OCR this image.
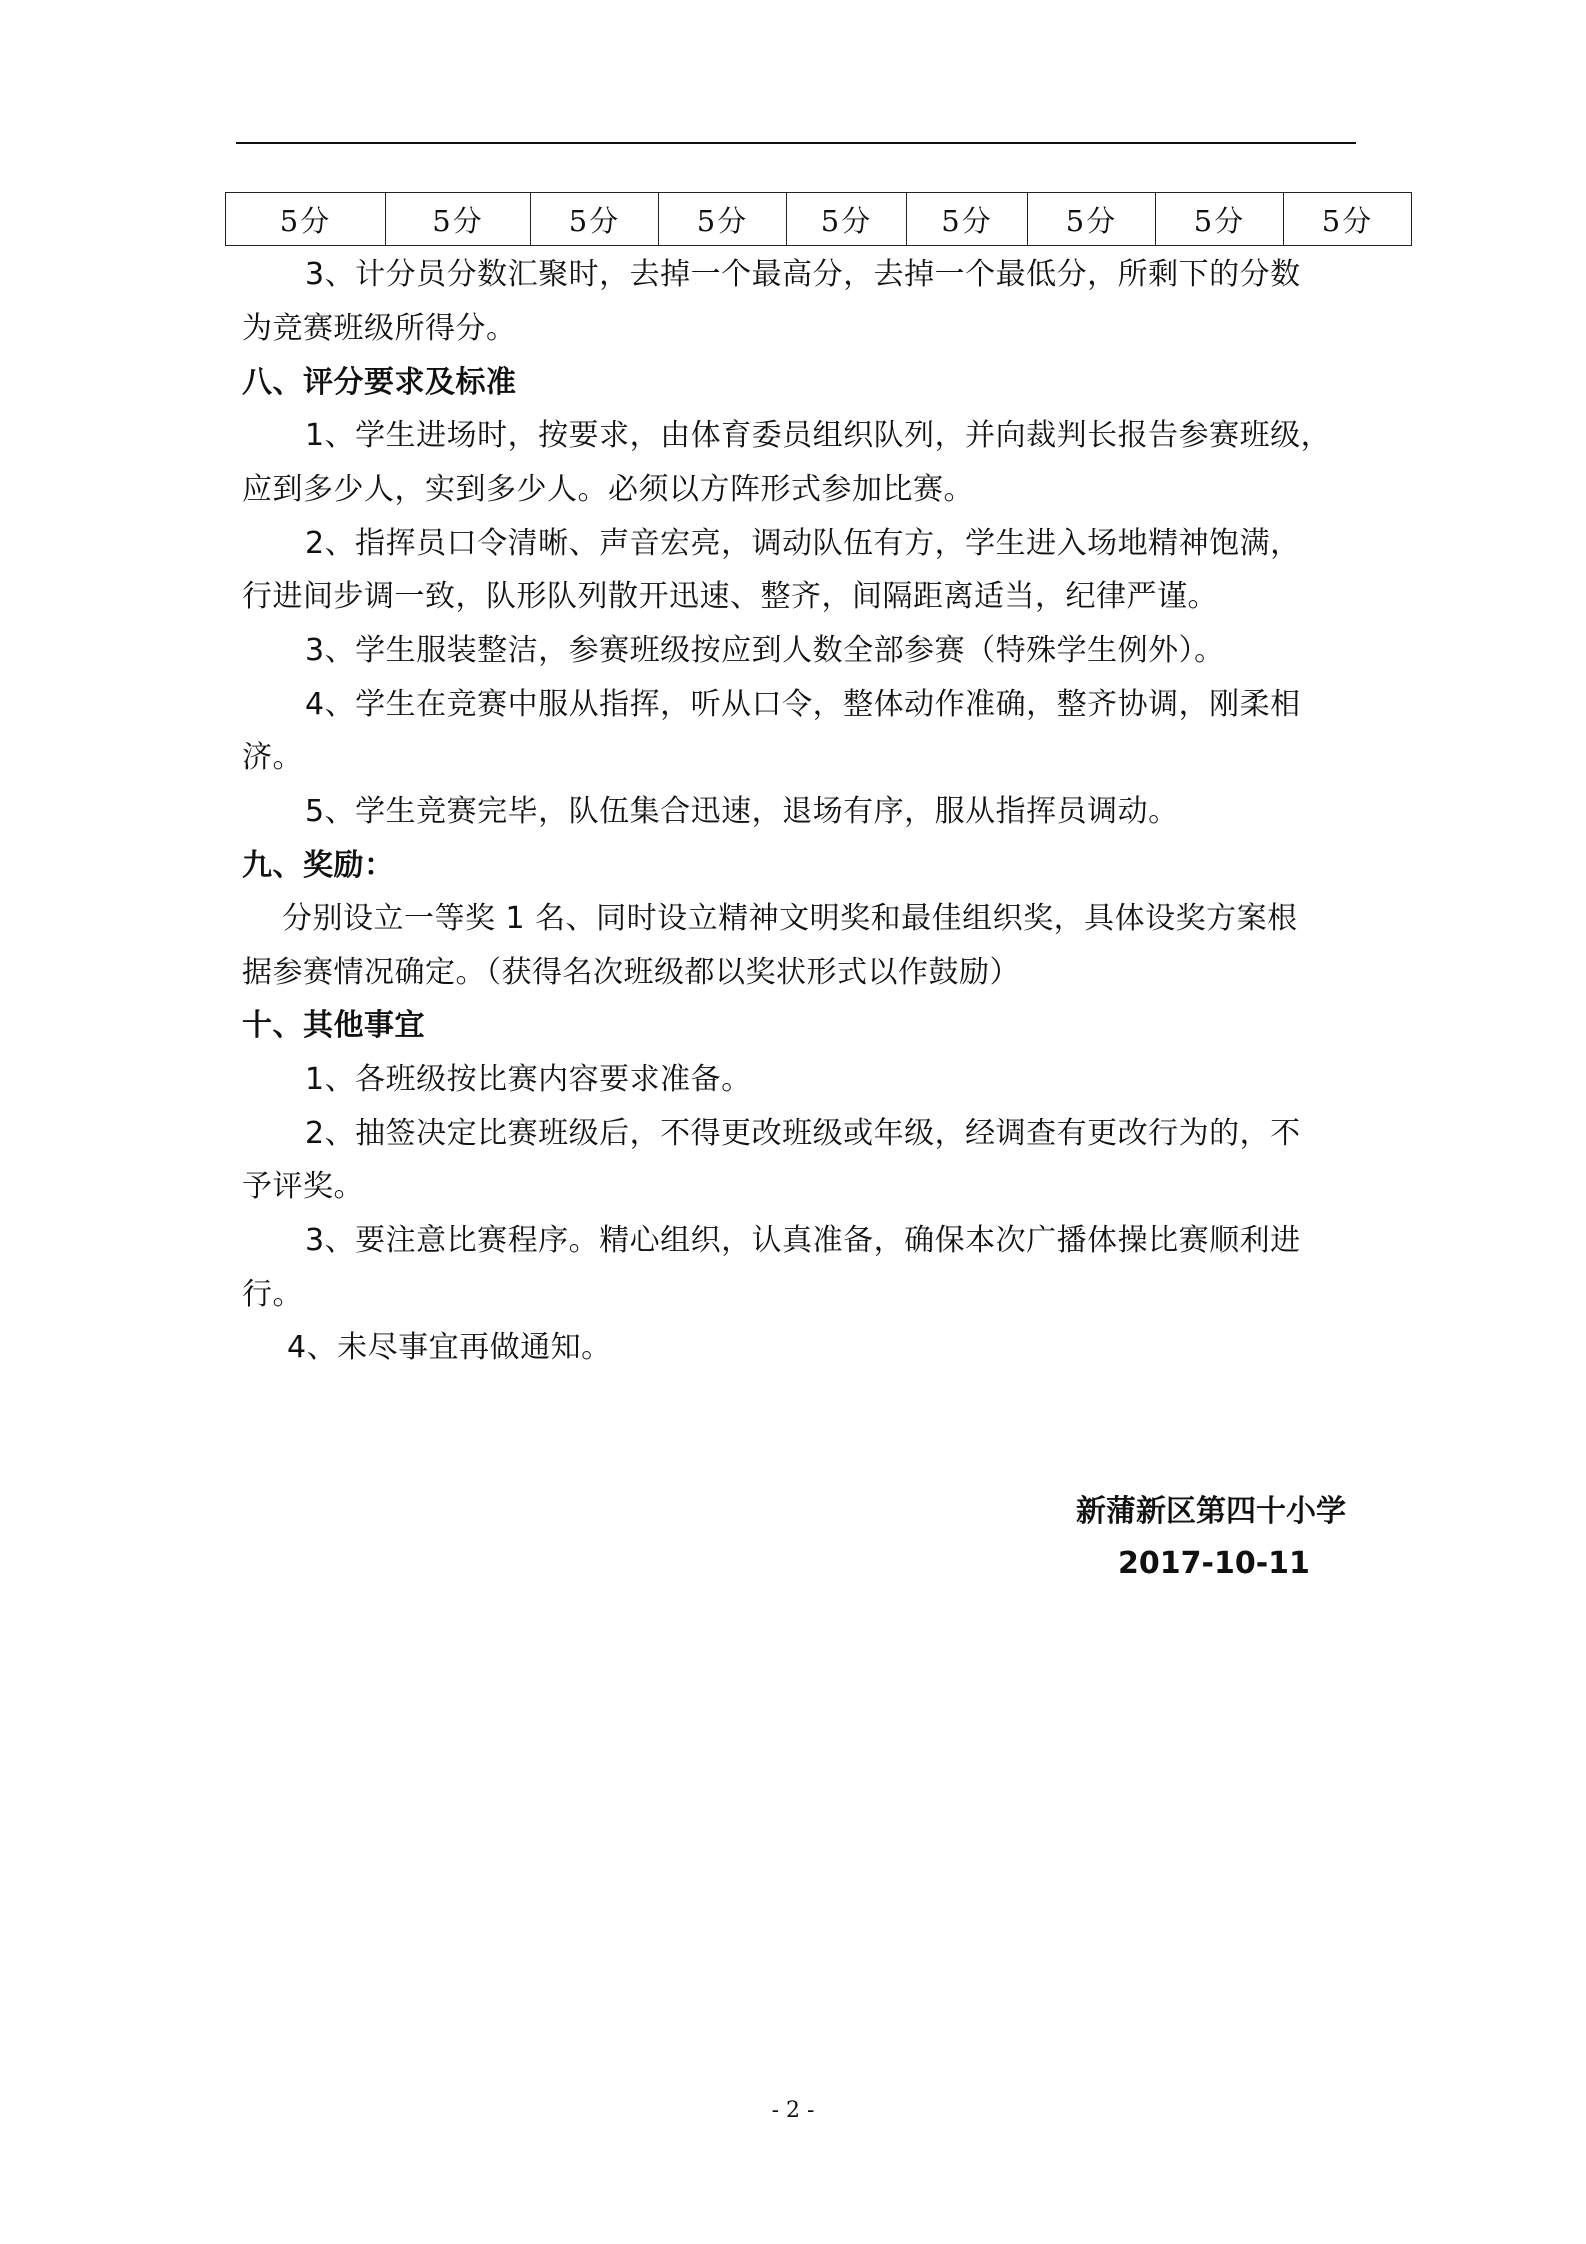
5分	5分	5分	5分	5分	5分	5分	5分	5分
3、计分员分数汇聚时，去掉一个最高分，去掉一个最低分，所剩下的分数
为竞赛班级所得分。
八、评分要求及标准
1、学生进场时，按要求，由体育委员组织队列，并向裁判长报告参赛班级，
应到多少人，实到多少人。必须以方阵形式参加比赛。
2、指挥员口令清晰、声音宏亮，调动队伍有方，学生进入场地精神饱满，
行进间步调一致，队形队列散开迅速、整齐，间隔距离适当，纪律严谨。
3、学生服装整洁，参赛班级按应到人数全部参赛（特殊学生例外）。
4、学生在竞赛中服从指挥，听从口令，整体动作准确，整齐协调，刚柔相
济。
5、学生竞赛完毕，队伍集合迅速，退场有序，服从指挥员调动。
九、奖励：
分别设立一等奖 1 名、同时设立精神文明奖和最佳组织奖，具体设奖方案根
据参赛情况确定。（获得名次班级都以奖状形式以作鼓励）
十、其他事宜
1、各班级按比赛内容要求准备。
2、抽签决定比赛班级后，不得更改班级或年级，经调查有更改行为的，不
予评奖。
3、要注意比赛程序。精心组织，认真准备，确保本次广播体操比赛顺利进
行。
4、未尽事宜再做通知。
新蒲新区第四十小学
2017-10-11
- 2 -
